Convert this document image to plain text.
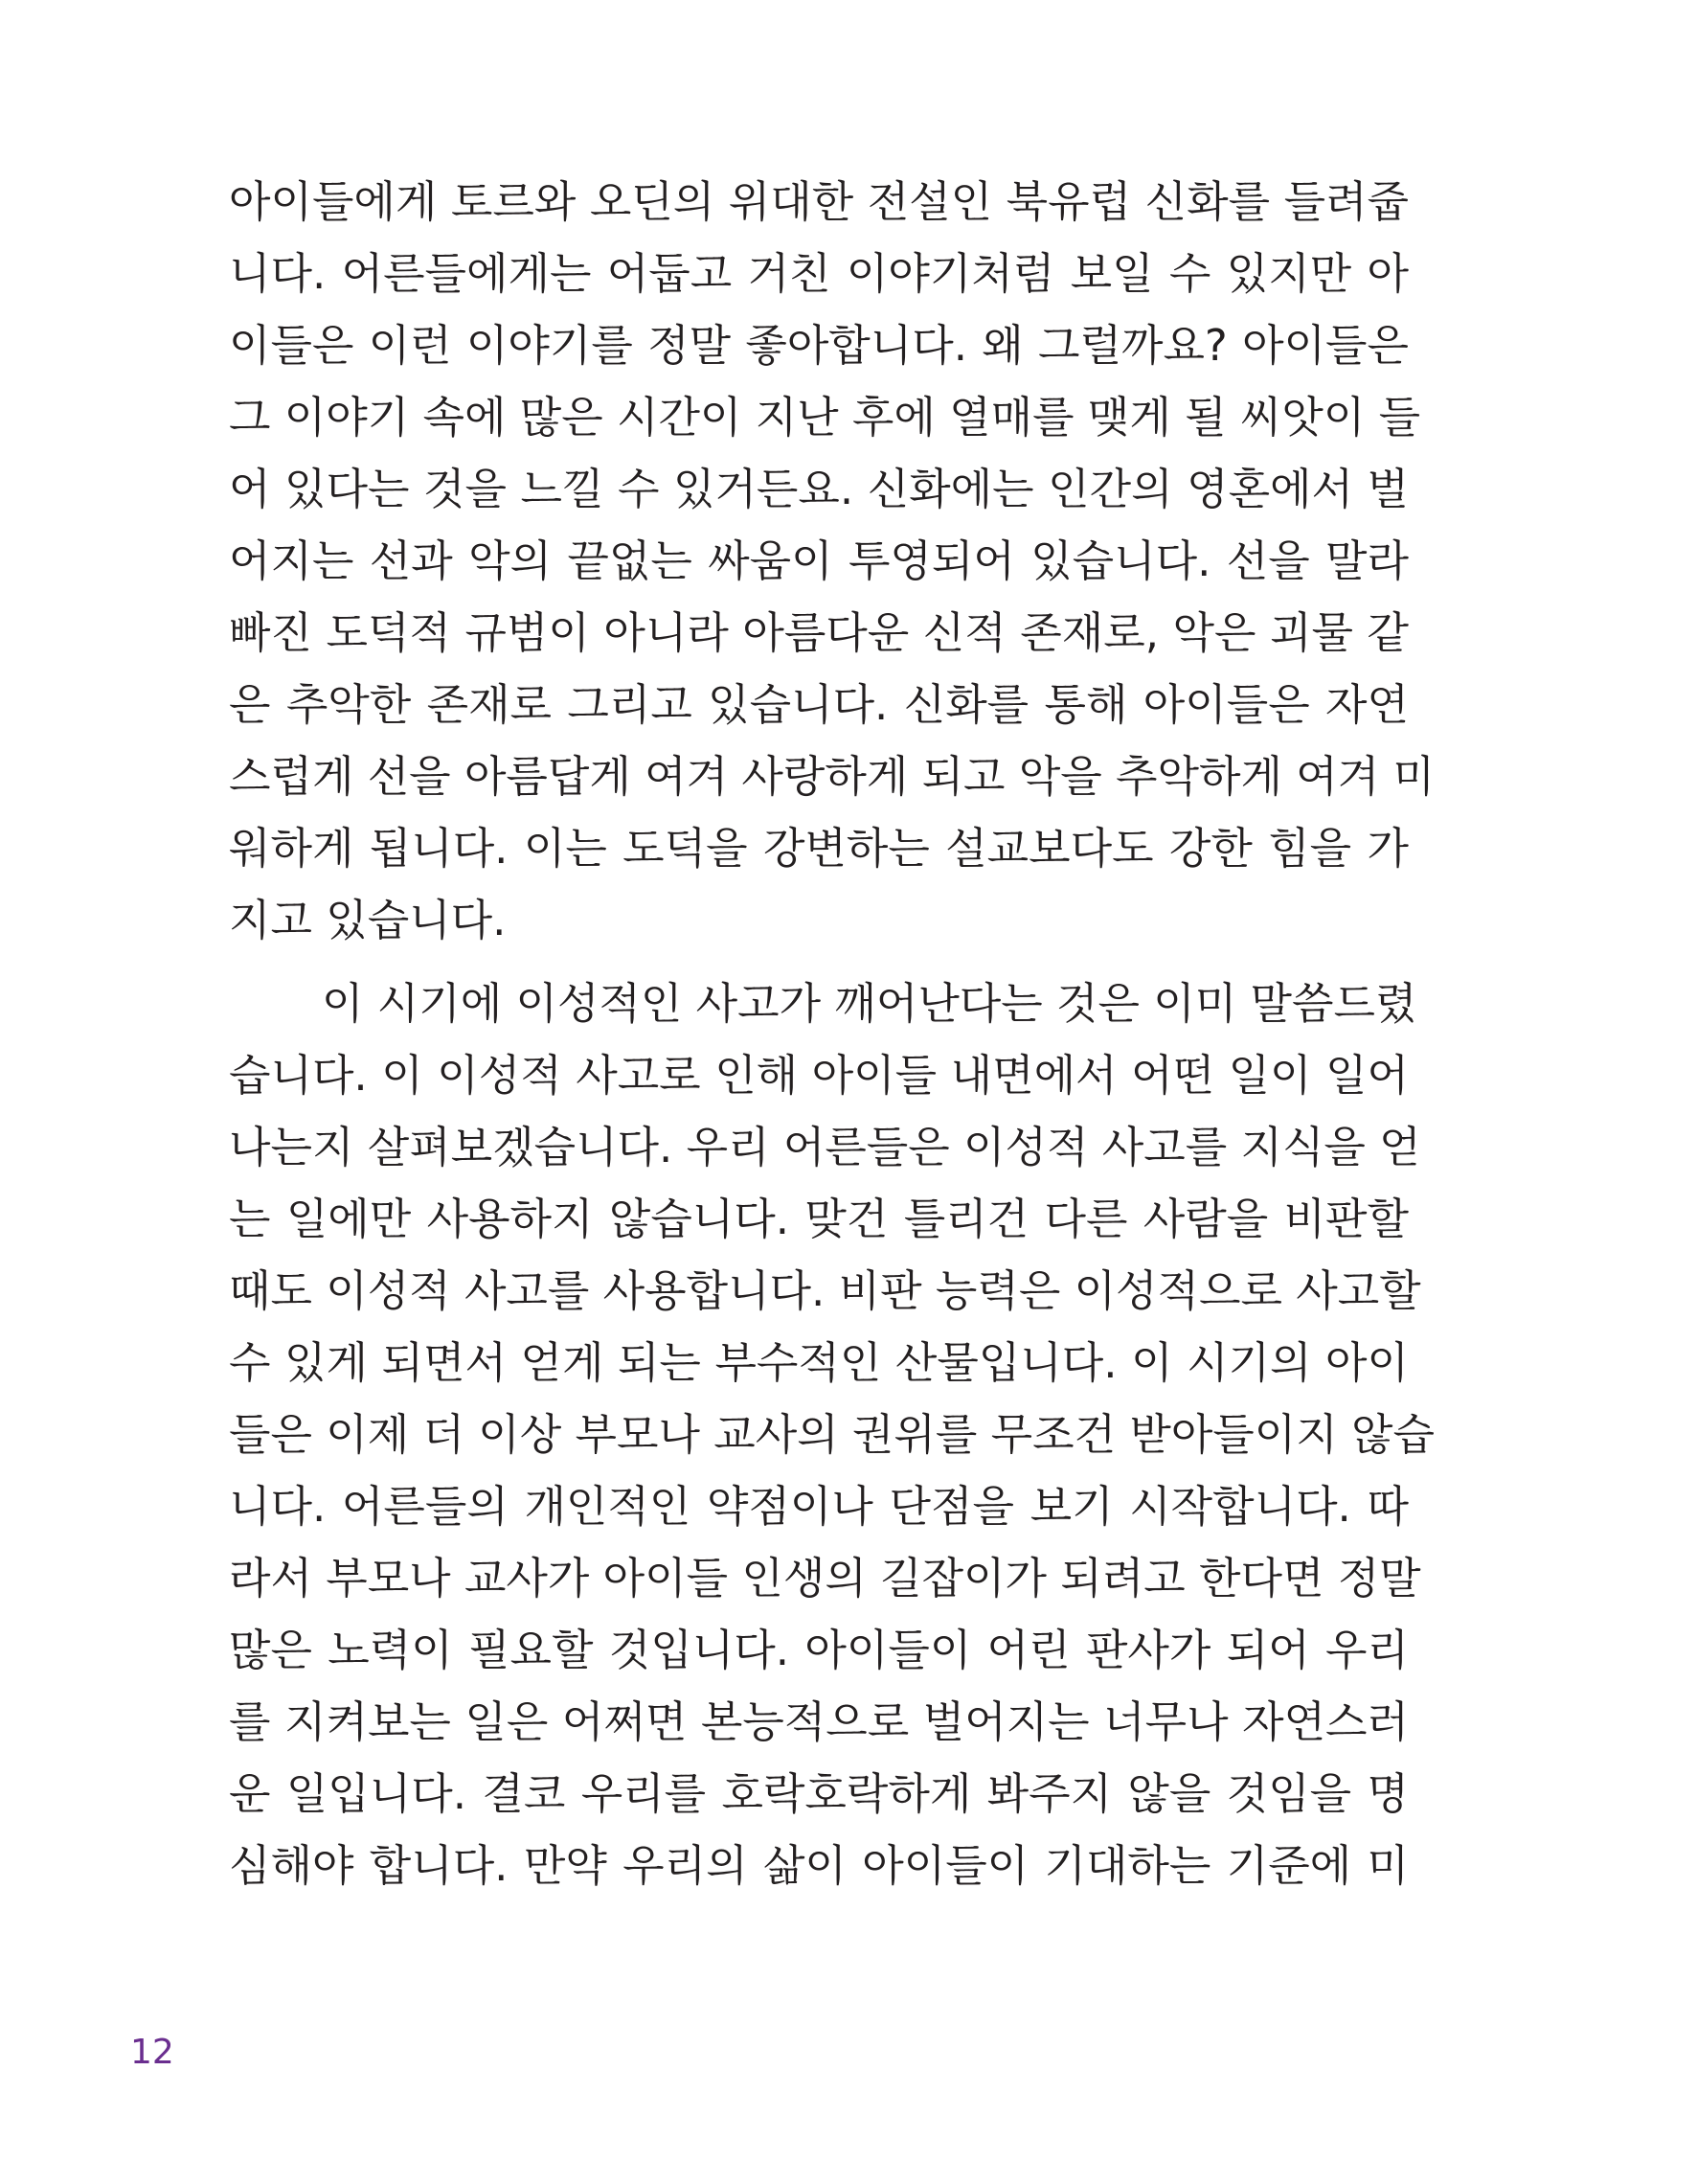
아이들에게 토르와 오딘의 위대한 전설인 북유럽 신화를 들려줍
니다. 어른들에게는 어둡고 거친 이야기처럼 보일 수 있지만 아
이들은 이런 이야기를 정말 좋아합니다. 왜 그럴까요? 아이들은
그 이야기 속에 많은 시간이 지난 후에 열매를 맺게 될 씨앗이 들
어 있다는 것을 느낄 수 있거든요. 신화에는 인간의 영혼에서 벌
어지는 선과 악의 끝없는 싸움이 투영되어 있습니다. 선을 말라
빠진 도덕적 규범이 아니라 아름다운 신적 존재로, 악은 괴물 같
은 추악한 존재로 그리고 있습니다. 신화를 통해 아이들은 자연
스럽게 선을 아름답게 여겨 사랑하게 되고 악을 추악하게 여겨 미
워하게 됩니다. 이는 도덕을 강변하는 설교보다도 강한 힘을 가
지고 있습니다.
이 시기에 이성적인 사고가 깨어난다는 것은 이미 말씀드렸
습니다. 이 이성적 사고로 인해 아이들 내면에서 어떤 일이 일어
나는지 살펴보겠습니다. 우리 어른들은 이성적 사고를 지식을 얻
는 일에만 사용하지 않습니다. 맞건 틀리건 다른 사람을 비판할
때도 이성적 사고를 사용합니다. 비판 능력은 이성적으로 사고할
수 있게 되면서 얻게 되는 부수적인 산물입니다. 이 시기의 아이
들은 이제 더 이상 부모나 교사의 권위를 무조건 받아들이지 않습
니다. 어른들의 개인적인 약점이나 단점을 보기 시작합니다. 따
라서 부모나 교사가 아이들 인생의 길잡이가 되려고 한다면 정말
많은 노력이 필요할 것입니다. 아이들이 어린 판사가 되어 우리
를 지켜보는 일은 어쩌면 본능적으로 벌어지는 너무나 자연스러
운 일입니다. 결코 우리를 호락호락하게 봐주지 않을 것임을 명
심해야 합니다. 만약 우리의 삶이 아이들이 기대하는 기준에 미
12
